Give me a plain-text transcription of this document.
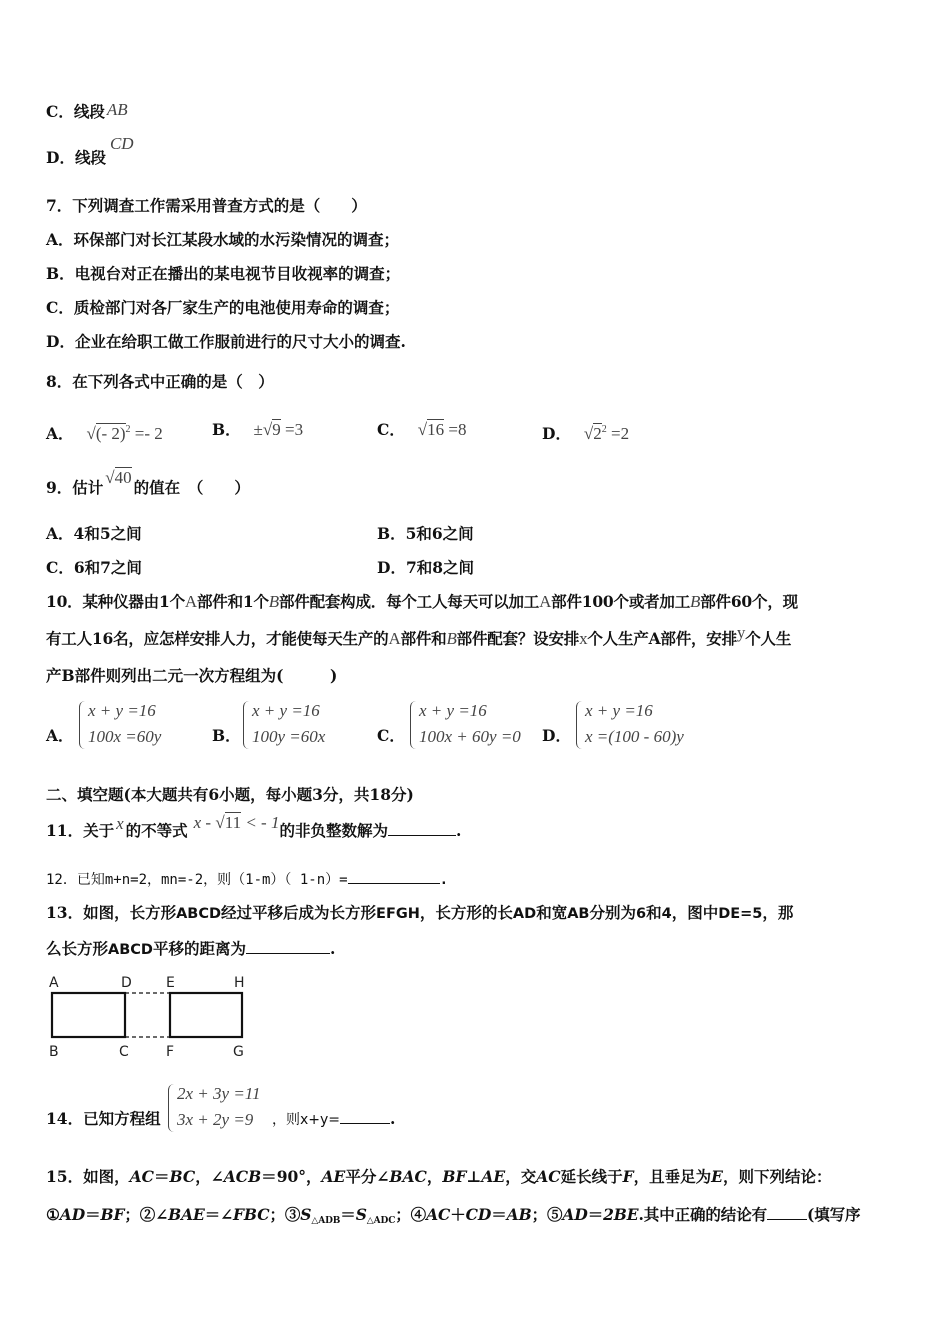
C．线段 AB
D．线段CD
7．下列调查工作需采用普查方式的是（　　）
A．环保部门对长江某段水域的水污染情况的调查；
B．电视台对正在播出的某电视节目收视率的调查；
C．质检部门对各厂家生产的电池使用寿命的调查；
D．企业在给职工做工作服前进行的尺寸大小的调查.
8．在下列各式中正确的是（　）
A． √(- 2)$^2$ =- 2	B． ±√9 =3	C． √16 =8	D． $√2^2 =2$
9．估计√40的值在　（　　）
A．4和5之间	B．5和6之间
C．6和7之间	D．7和8之间
10．某种仪器由1个A部件和1个B部件配套构成．每个工人每天可以加工A部件100个或者加工B部件60个，现
有工人16名，应怎样安排人力，才能使每天生产的A部件和B部件配套？设安排x个人生产A部件，安排y个人生
产B部件则列出二元一次方程组为(　　　)
A．
x + y =16
100x =60y	B．
x + y =16
100y =60x	C．
x + y =16
100x + 60y =0 D．
x + y =16
x =(100 - 60)y
二、填空题(本大题共有6小题，每小题3分，共18分)
11．关于 x 的不等式 x - √11 < - 1的非负整数解为	.
12．已知m+n=2，mn=-2，则（1-m）（ 1-n）=	.
13．如图，长方形ABCD经过平移后成为长方形EFGH，长方形的长AD和宽AB分别为6和4，图中DE=5，那
么长方形ABCD平移的距离为	.
A	D E	H
B	C	F	G
14．已知方程组
2x + 3y =11
3x + 2y =9 ，则x+y=	.
15．如图，AC＝BC，∠ACB＝90°，AE平分∠BAC，BF⊥AE，交AC延长线于F，且垂足为E，则下列结论：
①AD＝BF；②∠BAE＝∠FBC；$③S_{\triangle ADB}=S_{\triangle ADC}$；④AC＋CD＝AB；⑤AD＝2BE.其中正确的结论有	(填写序
